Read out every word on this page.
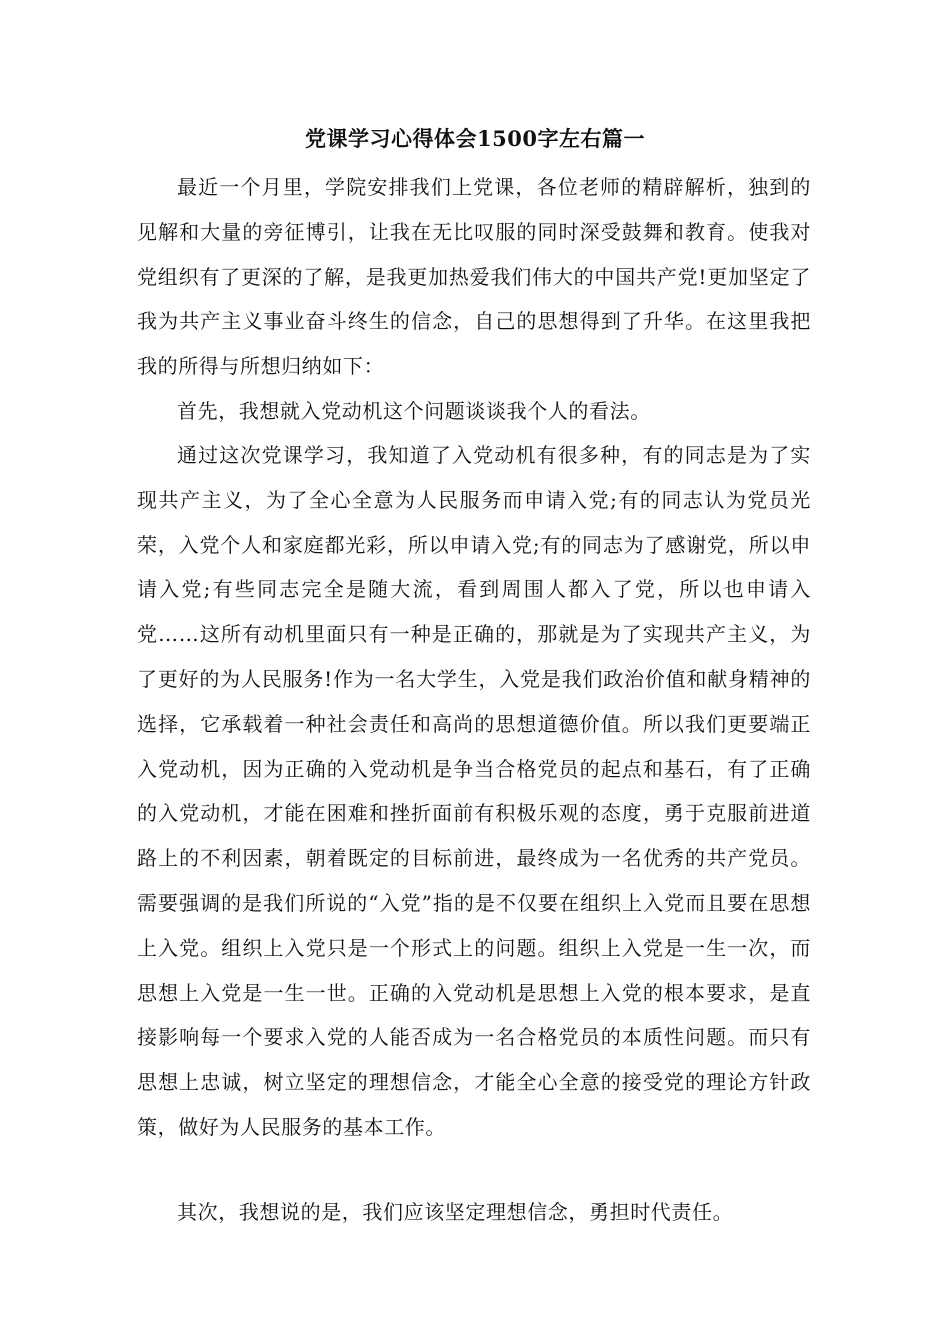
党课学习心得体会1500字左右篇一

最近一个月里，学院安排我们上党课，各位老师的精辟解析，独到的见解和大量的旁征博引，让我在无比叹服的同时深受鼓舞和教育。使我对党组织有了更深的了解，是我更加热爱我们伟大的中国共产党!更加坚定了我为共产主义事业奋斗终生的信念，自己的思想得到了升华。在这里我把我的所得与所想归纳如下：

首先，我想就入党动机这个问题谈谈我个人的看法。

通过这次党课学习，我知道了入党动机有很多种，有的同志是为了实现共产主义，为了全心全意为人民服务而申请入党;有的同志认为党员光荣，入党个人和家庭都光彩，所以申请入党;有的同志为了感谢党，所以申请入党;有些同志完全是随大流，看到周围人都入了党，所以也申请入党……这所有动机里面只有一种是正确的，那就是为了实现共产主义，为了更好的为人民服务!作为一名大学生，入党是我们政治价值和献身精神的选择，它承载着一种社会责任和高尚的思想道德价值。所以我们更要端正入党动机，因为正确的入党动机是争当合格党员的起点和基石，有了正确的入党动机，才能在困难和挫折面前有积极乐观的态度，勇于克服前进道路上的不利因素，朝着既定的目标前进，最终成为一名优秀的共产党员。需要强调的是我们所说的“入党”指的是不仅要在组织上入党而且要在思想上入党。组织上入党只是一个形式上的问题。组织上入党是一生一次，而思想上入党是一生一世。正确的入党动机是思想上入党的根本要求，是直接影响每一个要求入党的人能否成为一名合格党员的本质性问题。而只有思想上忠诚，树立坚定的理想信念，才能全心全意的接受党的理论方针政策，做好为人民服务的基本工作。

其次，我想说的是，我们应该坚定理想信念，勇担时代责任。
